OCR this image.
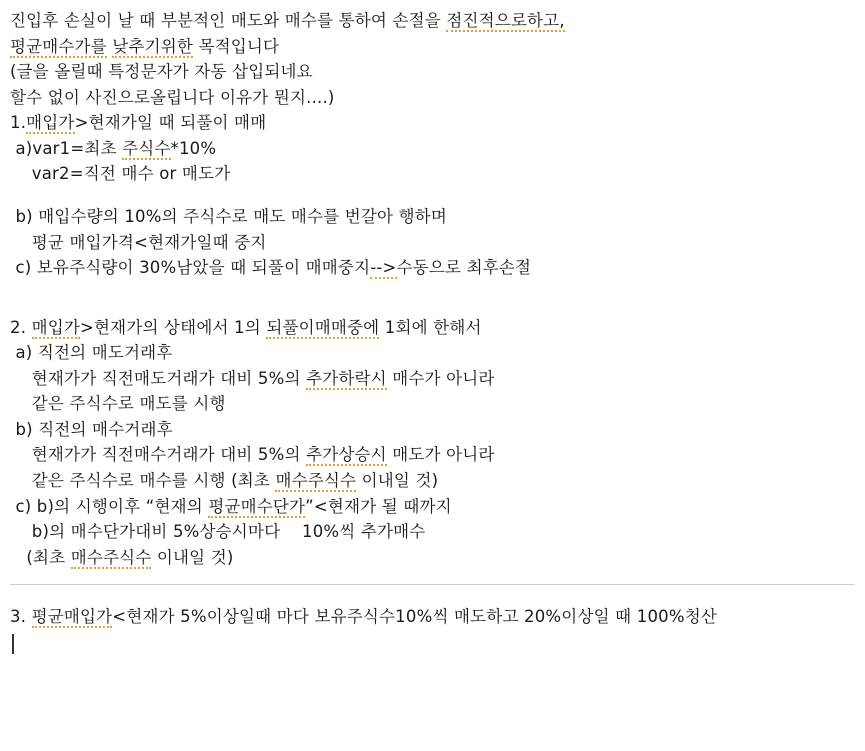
진입후 손실이 날 때 부분적인 매도와 매수를 통하여 손절을 점진적으로하고,
평균매수가를 낮추기위한 목적입니다
(글을 올릴때 특정문자가 자동 삽입되네요
할수 없이 사진으로올립니다 이유가 뭔지....)
1.매입가>현재가일 때 되풀이 매매
a)var1=최초 주식수*10%
var2=직전 매수 or 매도가
b) 매입수량의 10%의 주식수로 매도 매수를 번갈아 행하며
평균 매입가격<현재가일때 중지
c) 보유주식량이 30%남았을 때 되풀이 매매중지-->수동으로 최후손절
2. 매입가>현재가의 상태에서 1의 되풀이매매중에 1회에 한해서
a) 직전의 매도거래후
현재가가 직전매도거래가 대비 5%의 추가하락시 매수가 아니라
같은 주식수로 매도를 시행
b) 직전의 매수거래후
현재가가 직전매수거래가 대비 5%의 추가상승시 매도가 아니라
같은 주식수로 매수를 시행 (최초 매수주식수 이내일 것)
c) b)의 시행이후 “현재의 평균매수단가”<현재가 될 때까지
b)의 매수단가대비 5%상승시마다    10%씩 추가매수
(최초 매수주식수 이내일 것)
3. 평균매입가<현재가 5%이상일때 마다 보유주식수10%씩 매도하고 20%이상일 때 100%청산
